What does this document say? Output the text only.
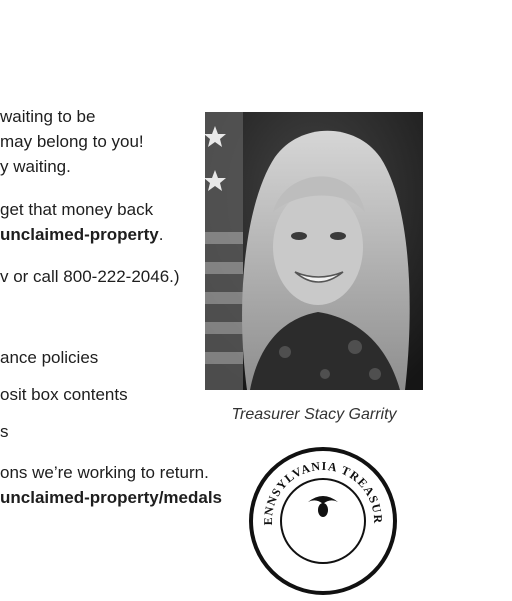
waiting to be
may belong to you!
y waiting.
get that money back
unclaimed-property.
v or call 800-222-2046.)
ance policies
osit box contents
s
ons we’re working to return.
unclaimed-property/medals
Treasurer Stacy Garrity
ENNSYLVANIA TREASUR
